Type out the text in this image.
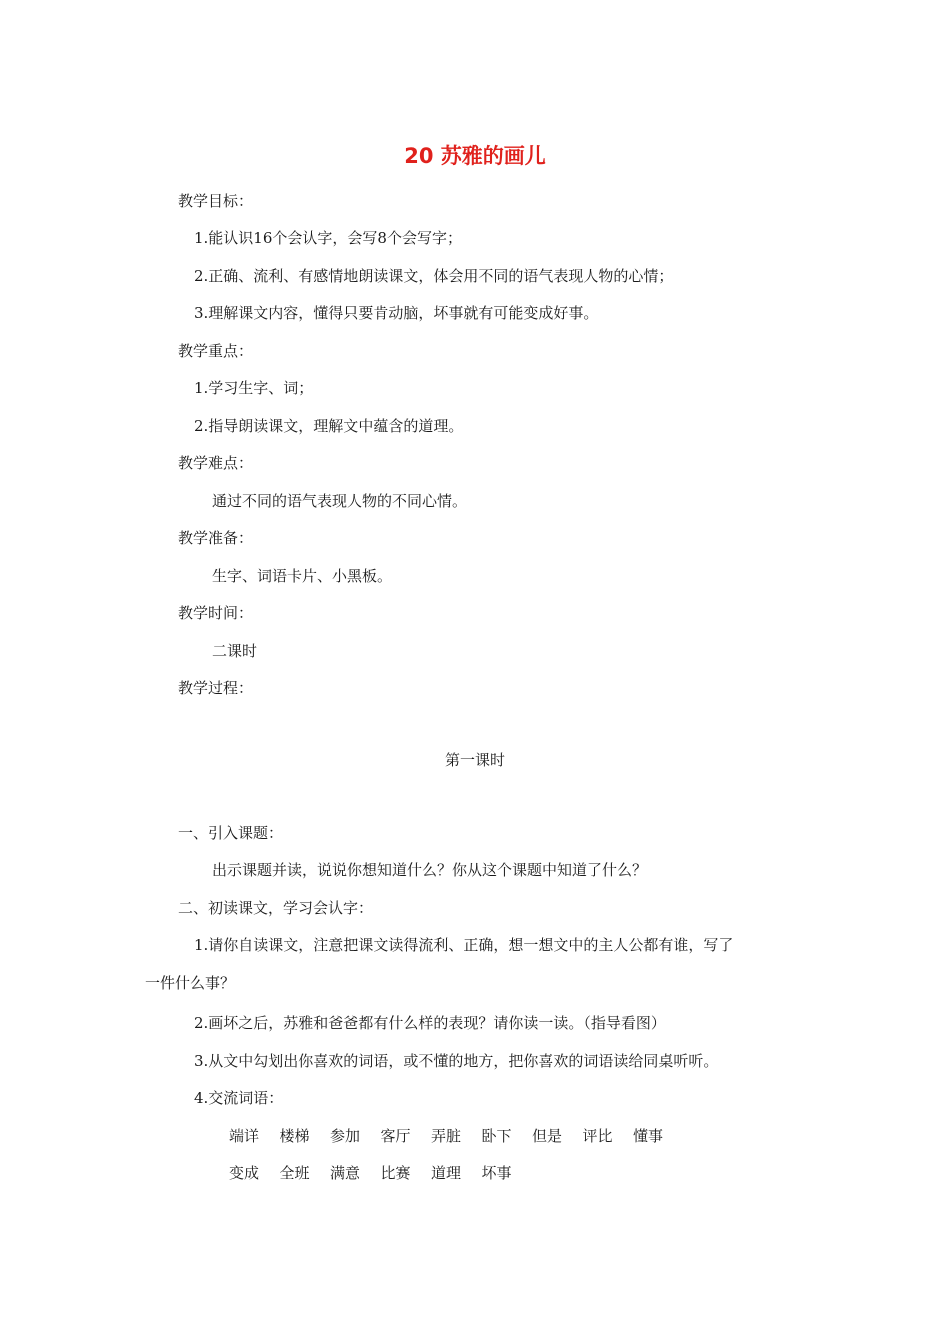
20 苏雅的画儿
教学目标：
1.能认识16个会认字，会写8个会写字；
2.正确、流利、有感情地朗读课文，体会用不同的语气表现人物的心情；
3.理解课文内容，懂得只要肯动脑，坏事就有可能变成好事。
教学重点：
1.学习生字、词；
2.指导朗读课文，理解文中蕴含的道理。
教学难点：
通过不同的语气表现人物的不同心情。
教学准备：
生字、词语卡片、小黑板。
教学时间：
二课时
教学过程：
第一课时
一、引入课题：
出示课题并读，说说你想知道什么？你从这个课题中知道了什么？
二、初读课文，学习会认字：
1.请你自读课文，注意把课文读得流利、正确，想一想文中的主人公都有谁，写了
一件什么事？
2.画坏之后，苏雅和爸爸都有什么样的表现？请你读一读。（指导看图）
3.从文中勾划出你喜欢的词语，或不懂的地方，把你喜欢的词语读给同桌听听。
4.交流词语：
端详	楼梯	参加	客厅	弄脏	卧下	但是	评比	懂事
变成	全班	满意	比赛	道理	坏事
